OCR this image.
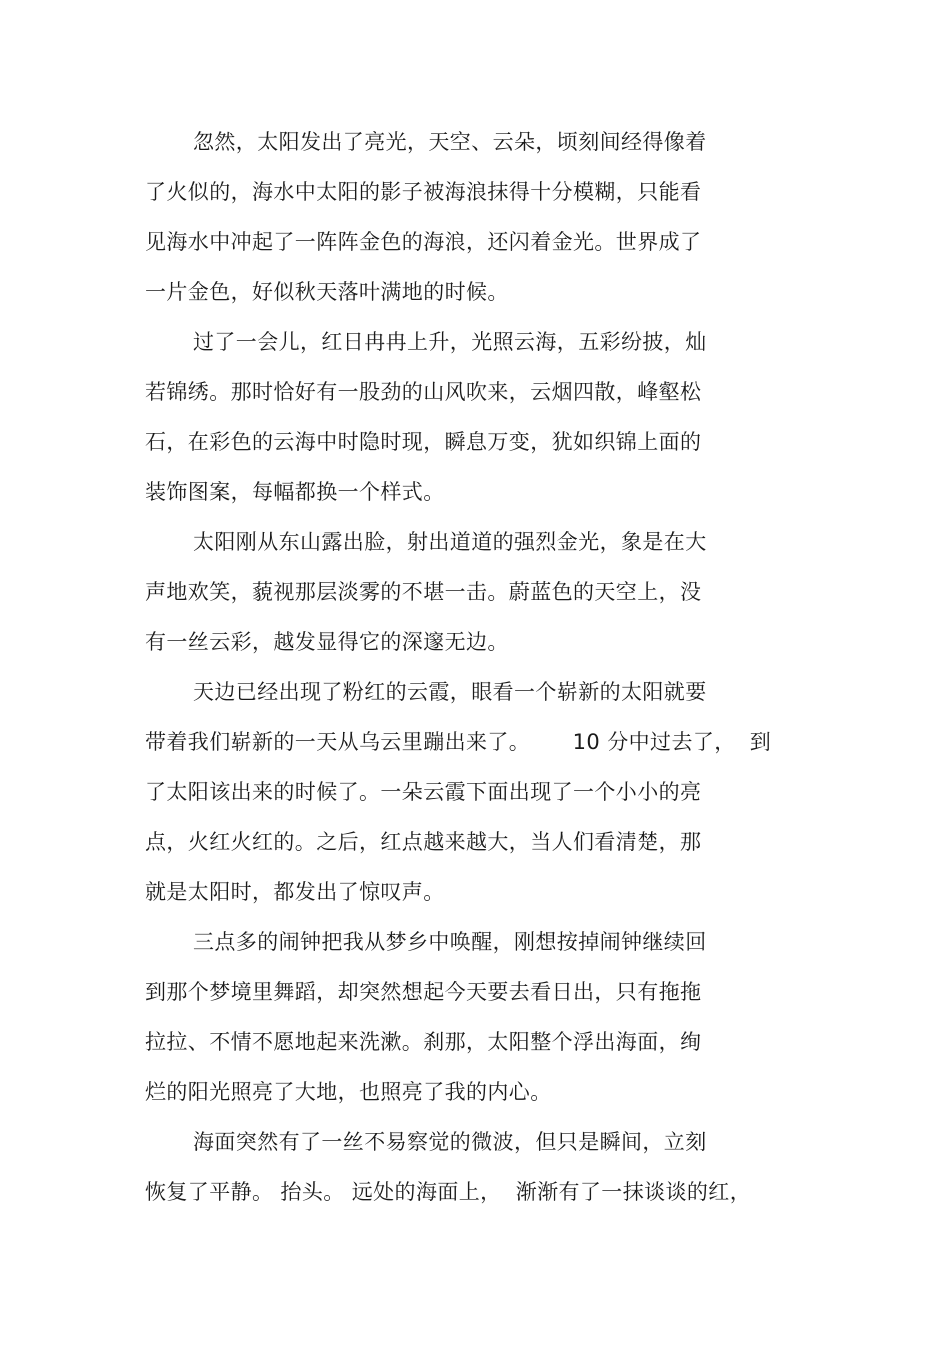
忽然，太阳发出了亮光，天空、云朵，顷刻间经得像着
了火似的，海水中太阳的影子被海浪抹得十分模糊，只能看
见海水中冲起了一阵阵金色的海浪，还闪着金光。世界成了
一片金色，好似秋天落叶满地的时候。
过了一会儿，红日冉冉上升，光照云海，五彩纷披，灿
若锦绣。那时恰好有一股劲的山风吹来，云烟四散，峰壑松
石，在彩色的云海中时隐时现，瞬息万变，犹如织锦上面的
装饰图案，每幅都换一个样式。
太阳刚从东山露出脸，射出道道的强烈金光，象是在大
声地欢笑，藐视那层淡雾的不堪一击。蔚蓝色的天空上，没
有一丝云彩，越发显得它的深邃无边。
天边已经出现了粉红的云霞，眼看一个崭新的太阳就要
带着我们崭新的一天从乌云里蹦出来了。      10 分中过去了，  到
了太阳该出来的时候了。一朵云霞下面出现了一个小小的亮
点，火红火红的。之后，红点越来越大，当人们看清楚，那
就是太阳时，都发出了惊叹声。
三点多的闹钟把我从梦乡中唤醒，刚想按掉闹钟继续回
到那个梦境里舞蹈，却突然想起今天要去看日出，只有拖拖
拉拉、不情不愿地起来洗漱。刹那，太阳整个浮出海面，绚
烂的阳光照亮了大地，也照亮了我的内心。
海面突然有了一丝不易察觉的微波，但只是瞬间，立刻
恢复了平静。 抬头。 远处的海面上，  渐渐有了一抹谈谈的红，
